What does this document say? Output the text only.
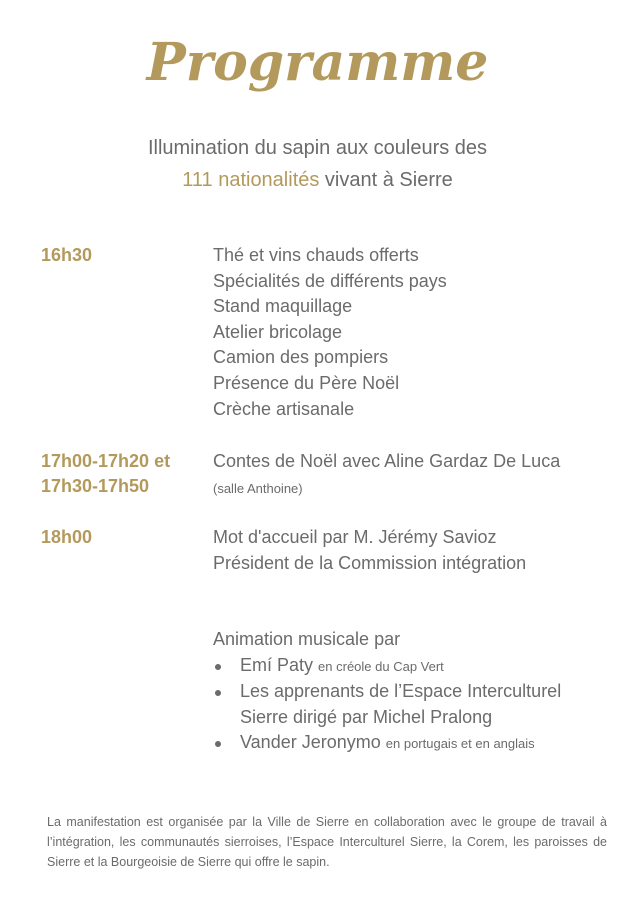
Programme
Illumination du sapin aux couleurs des
111 nationalités vivant à Sierre
16h30	Thé et vins chauds offerts
Spécialités de différents pays
Stand maquillage
Atelier bricolage
Camion des pompiers
Présence du Père Noël
Crèche artisanale
17h00-17h20 et
17h30-17h50
Contes de Noël avec Aline Gardaz De Luca
(salle Anthoine)
18h00	Mot d'accueil par M. Jérémy Savioz
Président de la Commission intégration
Animation musicale par
Emí Paty en créole du Cap Vert
Les apprenants de l’Espace Interculturel
Sierre dirigé par Michel Pralong
Vander Jeronymo en portugais et en anglais
La manifestation est organisée par la Ville de Sierre en collaboration avec le groupe de travail à l’intégration, les communautés sierroises, l’Espace Interculturel Sierre, la Corem, les paroisses de Sierre et la Bourgeoisie de Sierre qui offre le sapin.
